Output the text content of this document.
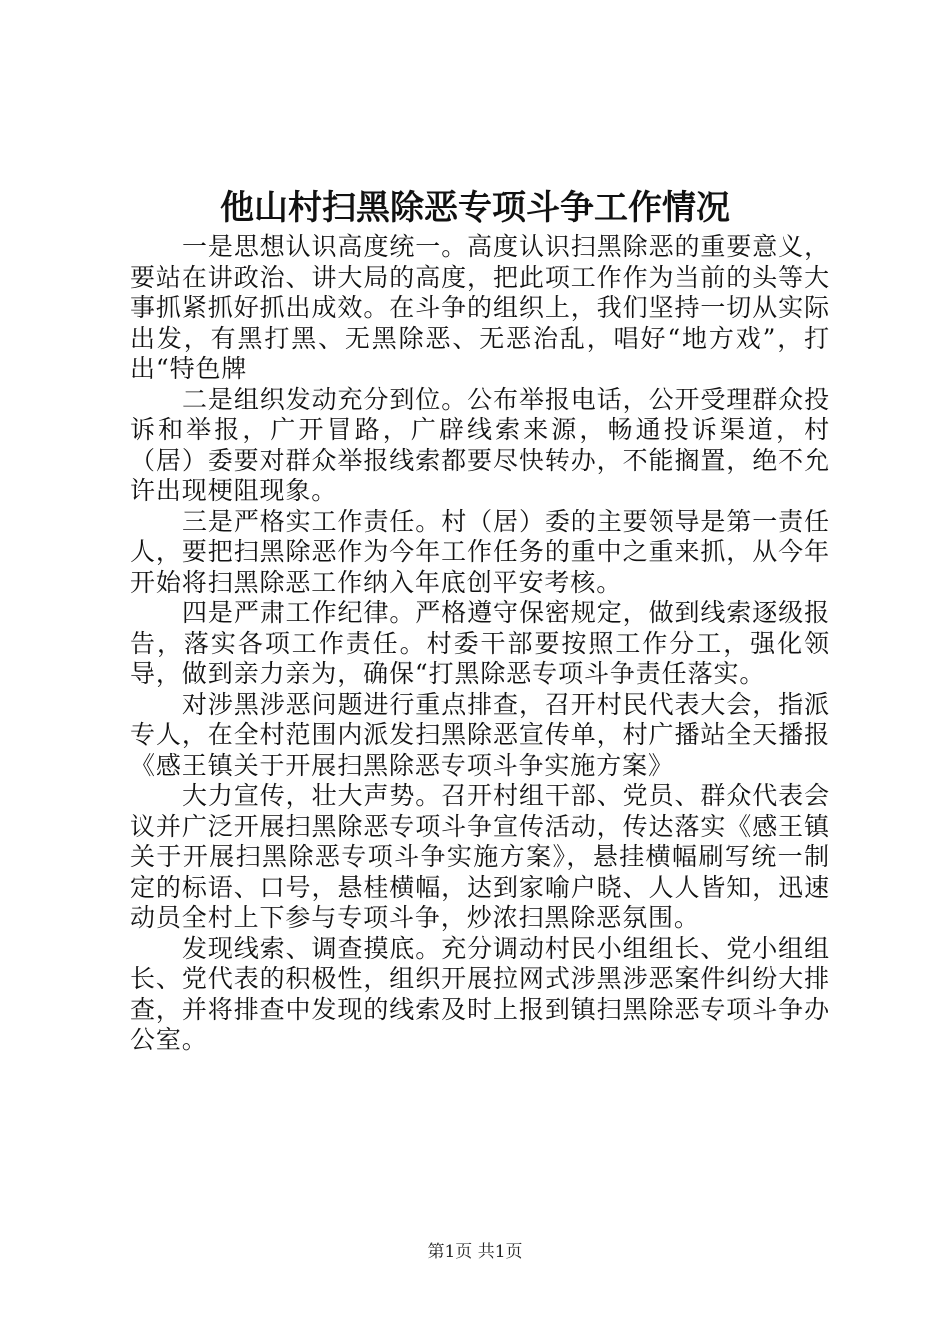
他山村扫黑除恶专项斗争工作情况

一是思想认识高度统一。高度认识扫黑除恶的重要意义，要站在讲政治、讲大局的高度，把此项工作作为当前的头等大事抓紧抓好抓出成效。在斗争的组织上，我们坚持一切从实际出发，有黑打黑、无黑除恶、无恶治乱，唱好“地方戏”，打出“特色牌

二是组织发动充分到位。公布举报电话，公开受理群众投诉和举报，广开冒路，广辟线索来源，畅通投诉渠道，村（居）委要对群众举报线索都要尽快转办，不能搁置，绝不允许出现梗阻现象。

三是严格实工作责任。村（居）委的主要领导是第一责任人，要把扫黑除恶作为今年工作任务的重中之重来抓，从今年开始将扫黑除恶工作纳入年底创平安考核。

四是严肃工作纪律。严格遵守保密规定，做到线索逐级报告，落实各项工作责任。村委干部要按照工作分工，强化领导，做到亲力亲为，确保“打黑除恶专项斗争责任落实。

对涉黑涉恶问题进行重点排查，召开村民代表大会，指派专人，在全村范围内派发扫黑除恶宣传单，村广播站全天播报《感王镇关于开展扫黑除恶专项斗争实施方案》

大力宣传，壮大声势。召开村组干部、党员、群众代表会议并广泛开展扫黑除恶专项斗争宣传活动，传达落实《感王镇关于开展扫黑除恶专项斗争实施方案》，悬挂横幅刷写统一制定的标语、口号，悬桂横幅，达到家喻户晓、人人皆知，迅速动员全村上下参与专项斗争，炒浓扫黑除恶氛围。

发现线索、调查摸底。充分调动村民小组组长、党小组组长、党代表的积极性，组织开展拉网式涉黑涉恶案件纠纷大排查，并将排查中发现的线索及时上报到镇扫黑除恶专项斗争办公室。

第1页 共1页
